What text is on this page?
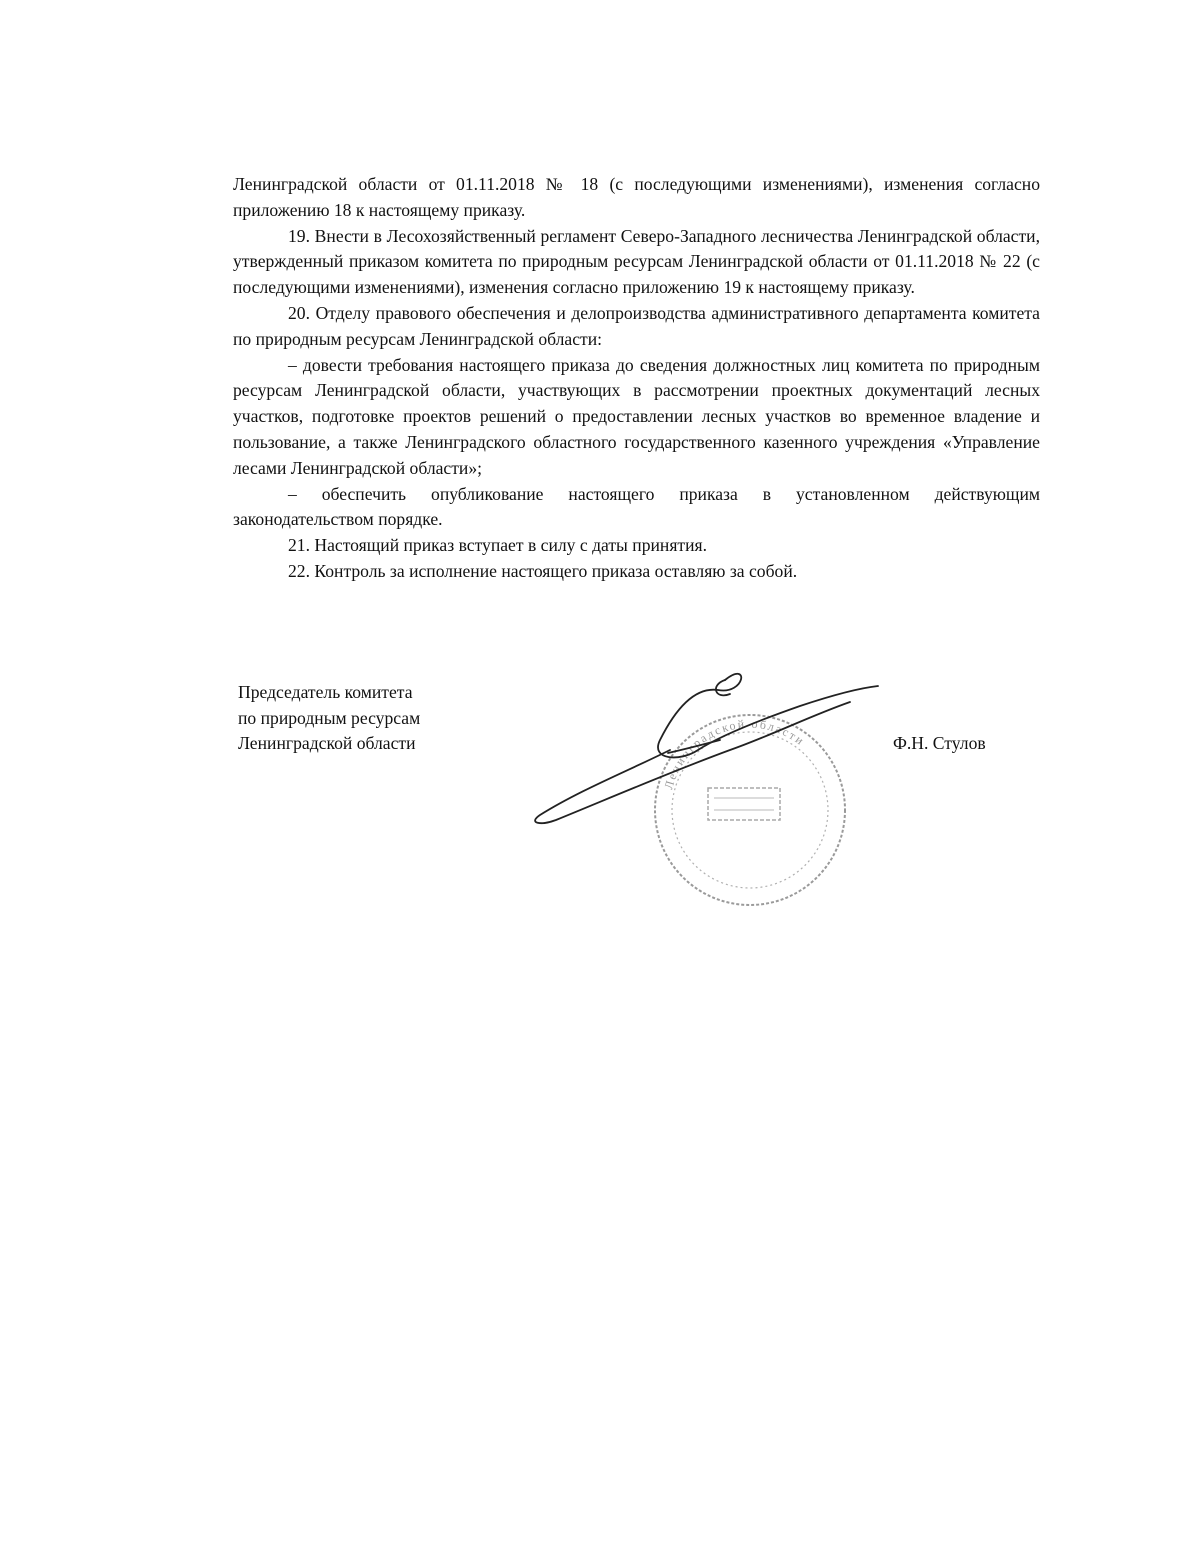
Ленинградской области от 01.11.2018 № 18 (с последующими изменениями), изменения согласно приложению 18 к настоящему приказу.

19. Внести в Лесохозяйственный регламент Северо-Западного лесничества Ленинградской области, утвержденный приказом комитета по природным ресурсам Ленинградской области от 01.11.2018 № 22 (с последующими изменениями), изменения согласно приложению 19 к настоящему приказу.

20. Отделу правового обеспечения и делопроизводства административного департамента комитета по природным ресурсам Ленинградской области:

– довести требования настоящего приказа до сведения должностных лиц комитета по природным ресурсам Ленинградской области, участвующих в рассмотрении проектных документаций лесных участков, подготовке проектов решений о предоставлении лесных участков во временное владение и пользование, а также Ленинградского областного государственного казенного учреждения «Управление лесами Ленинградской области»;

– обеспечить опубликование настоящего приказа в установленном действующим законодательством порядке.

21. Настоящий приказ вступает в силу с даты принятия.

22. Контроль за исполнение настоящего приказа оставляю за собой.

Председатель комитета
по природным ресурсам
Ленинградской области
Ленинградской области	Ф.Н. Стулов
